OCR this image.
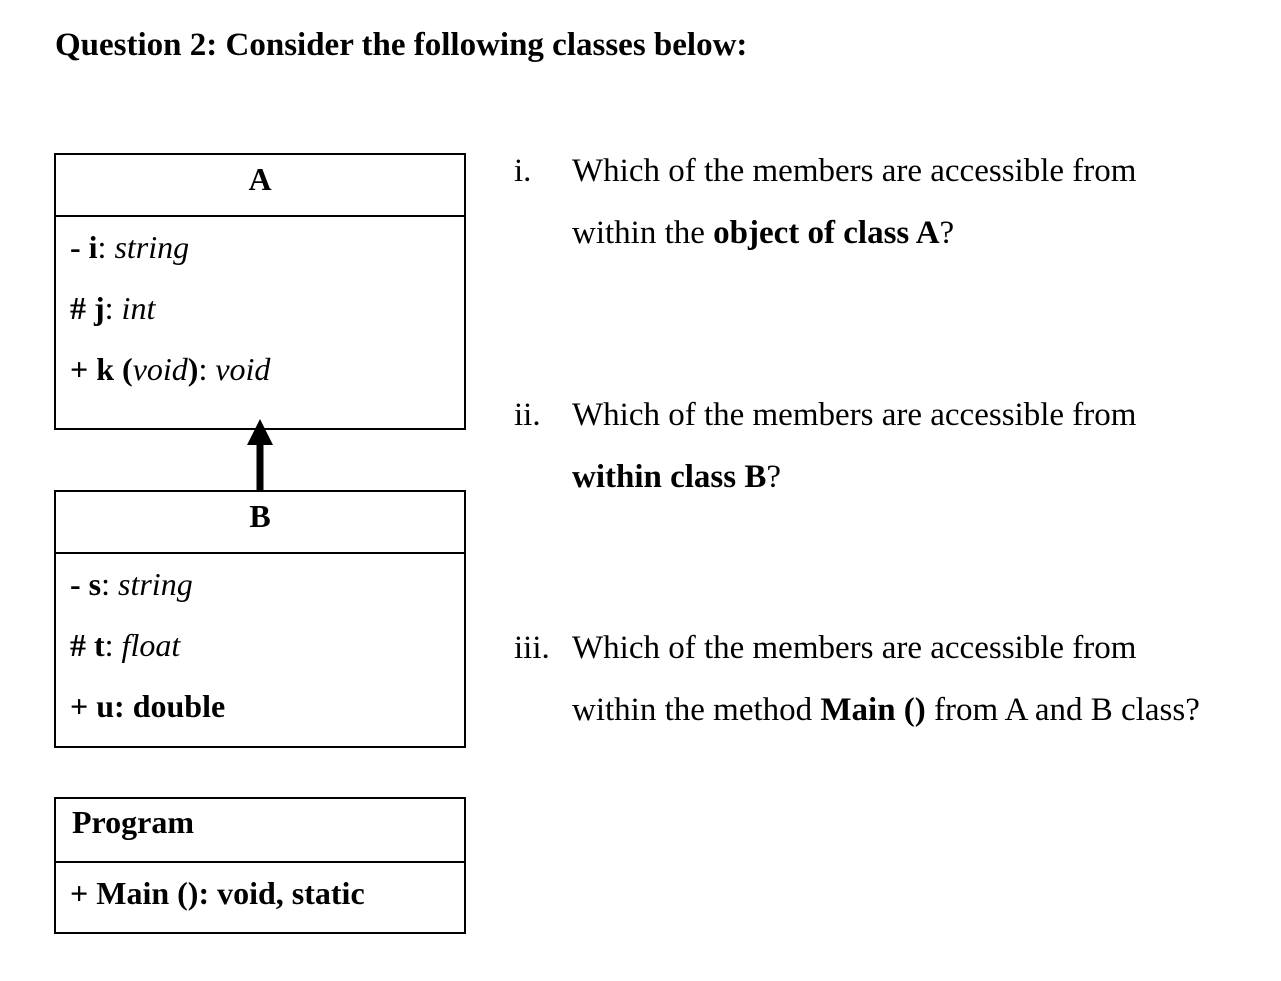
Question 2: Consider the following classes below:
A
- i: string
# j: int
+ k (void): void
B
- s: string
# t: float
+ u: double
Program
+ Main (): void, static
i. Which of the members are accessible from
within the object of class A?
ii. Which of the members are accessible from
within class B?
iii. Which of the members are accessible from
within the method Main () from A and B class?
